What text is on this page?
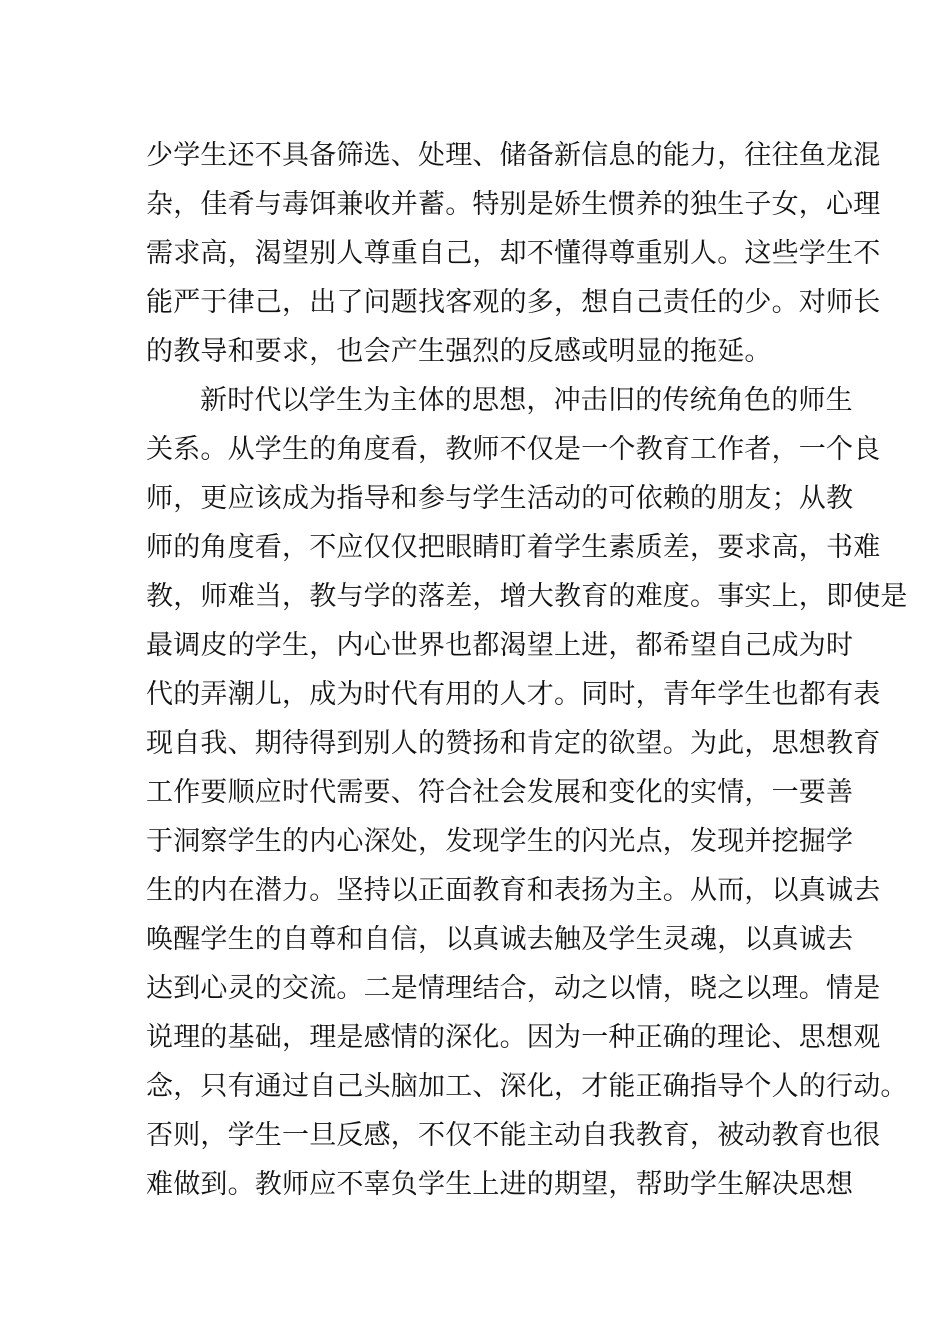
少学生还不具备筛选、处理、储备新信息的能力，往往鱼龙混
杂，佳肴与毒饵兼收并蓄。特别是娇生惯养的独生子女，心理
需求高，渴望别人尊重自己，却不懂得尊重别人。这些学生不
能严于律己，出了问题找客观的多，想自己责任的少。对师长
的教导和要求，也会产生强烈的反感或明显的拖延。
新时代以学生为主体的思想，冲击旧的传统角色的师生
关系。从学生的角度看，教师不仅是一个教育工作者，一个良
师，更应该成为指导和参与学生活动的可依赖的朋友；从教
师的角度看，不应仅仅把眼睛盯着学生素质差，要求高，书难
教，师难当，教与学的落差，增大教育的难度。事实上，即使是
最调皮的学生，内心世界也都渴望上进，都希望自己成为时
代的弄潮儿，成为时代有用的人才。同时，青年学生也都有表
现自我、期待得到别人的赞扬和肯定的欲望。为此，思想教育
工作要顺应时代需要、符合社会发展和变化的实情，一要善
于洞察学生的内心深处，发现学生的闪光点，发现并挖掘学
生的内在潜力。坚持以正面教育和表扬为主。从而，以真诚去
唤醒学生的自尊和自信，以真诚去触及学生灵魂，以真诚去
达到心灵的交流。二是情理结合，动之以情，晓之以理。情是
说理的基础，理是感情的深化。因为一种正确的理论、思想观
念，只有通过自己头脑加工、深化，才能正确指导个人的行动。
否则，学生一旦反感，不仅不能主动自我教育，被动教育也很
难做到。教师应不辜负学生上进的期望，帮助学生解决思想
